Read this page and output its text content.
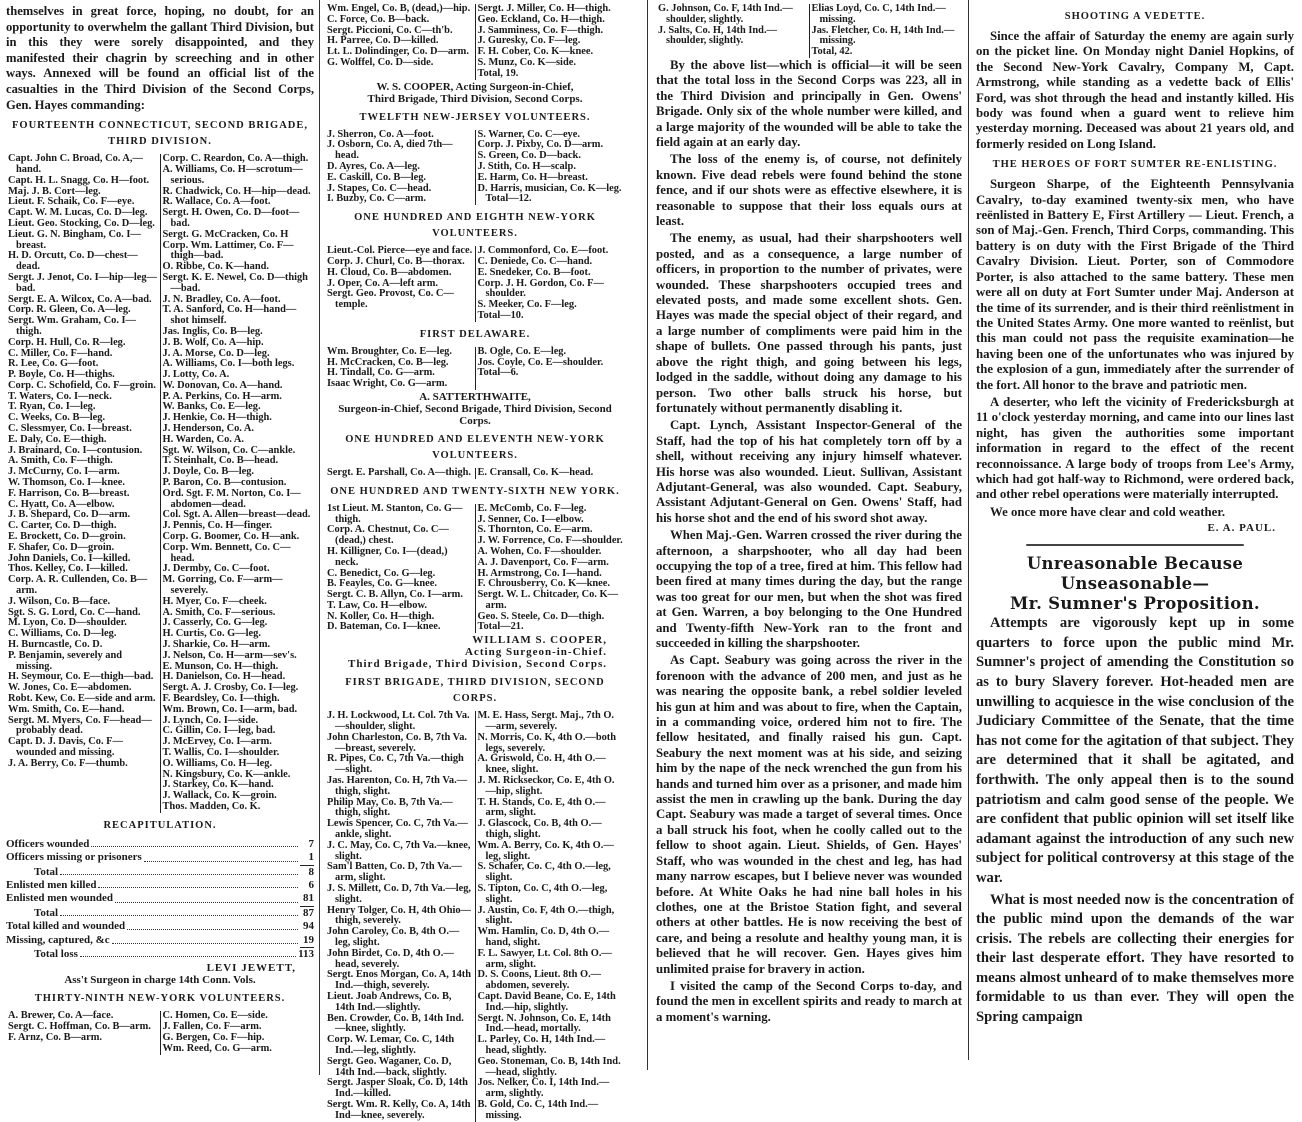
themselves in great force, hoping, no doubt, for an opportunity to overwhelm the gallant Third Division, but in this they were sorely disappointed, and they manifested their chagrin by screeching and in other ways. Annexed will be found an official list of the casualties in the Third Division of the Second Corps, Gen. Hayes commanding:

FOURTEENTH CONNECTICUT, SECOND BRIGADE, THIRD DIVISION.
Capt. John C. Broad, Co. A,—hand.
Capt. H. L. Snagg, Co. H—foot.
Maj. J. B. Cort—leg.
Lieut. F. Schaik, Co. F—eye.
Capt. W. M. Lucas, Co. D—leg.
Lieut. Geo. Stocking, Co. D—leg.
Lieut. G. N. Bingham, Co. I—breast.
H. D. Orcutt, Co. D—chest—dead.
Sergt. J. Jenot, Co. I—hip—leg—bad.
Sergt. E. A. Wilcox, Co. A—bad.
Corp. R. Gleen, Co. A—leg.
Sergt. Wm. Graham, Co. I—thigh.
Corp. H. Hull, Co. R—leg.
C. Miller, Co. F—hand.
R. Lee, Co. G—foot.
P. Boyle, Co. H—thighs.
Corp. C. Schofield, Co. F—groin.
T. Waters, Co. I—neck.
T. Ryan, Co. I—leg.
C. Weeks, Co. B—leg.
C. Slessmyer, Co. I—breast.
E. Daly, Co. E—thigh.
J. Brainard, Co. I—contusion.
A. Smith, Co. F—thigh.
J. McCurny, Co. I—arm.
W. Thomson, Co. I—knee.
F. Harrison, Co. B—breast.
C. Hyatt, Co. A—elbow.
J. B. Shepard, Co. D—arm.
C. Carter, Co. D—thigh.
E. Brockett, Co. D—groin.
F. Shafer, Co. D—groin.
John Daniels, Co. I—killed.
Thos. Kelley, Co. I—killed.
Corp. A. R. Cullenden, Co. B—arm.
J. Wilson, Co. B—face.
Sgt. S. G. Lord, Co. C—hand.
M. Lyon, Co. D—shoulder.
C. Williams, Co. D—leg.
H. Burncastle, Co. D.
P. Benjamin, severely and missing.
H. Seymour, Co. E—thigh—bad.
W. Jones, Co. E—abdomen.
Robt. Kew, Co. E—side and arm.
Wm. Smith, Co. E—hand.
Sergt. M. Myers, Co. F—head—probably dead.
Capt. D. J. Davis, Co. F—wounded and missing.
J. A. Berry, Co. F—thumb.
Corp. C. Reardon, Co. A—thigh.
A. Williams, Co. H—scrotum—serious.
R. Chadwick, Co. H—hip—dead.
R. Wallace, Co. A—foot.
Sergt. H. Owen, Co. D—foot—bad.
Sergt. G. McCracken, Co. H
Corp. Wm. Lattimer, Co. F—thigh—bad.
O. Ribbe, Co. K—hand.
Sergt. K. E. Newel, Co. D—thigh—bad.
J. N. Bradley, Co. A—foot.
T. A. Sanford, Co. H—hand—shot himself.
Jas. Inglis, Co. B—leg.
J. B. Wolf, Co. A—hip.
J. A. Morse, Co. D—leg.
A. Williams, Co. I—both legs.
J. Lotty, Co. A.
W. Donovan, Co. A—hand.
P. A. Perkins, Co. H—arm.
W. Banks, Co. E—leg.
J. Henkie, Co. H—thigh.
J. Henderson, Co. A.
H. Warden, Co. A.
Sgt. W. Wilson, Co. C—ankle.
T. Steinhalt, Co. B—head.
J. Doyle, Co. B—leg.
P. Baron, Co. B—contusion.
Ord. Sgt. F. M. Norton, Co. I—abdomen—dead.
Col. Sgt. A. Allen—breast—dead.
J. Pennis, Co. H—finger.
Corp. G. Boomer, Co. H—ank.
Corp. Wm. Bennett, Co. C—head.
J. Dermby, Co. C—foot.
M. Gorring, Co. F—arm—severely.
H. Myer, Co. F—cheek.
A. Smith, Co. F—serious.
J. Casserly, Co. G—leg.
H. Curtis, Co. G—leg.
J. Sharkie, Co. H—arm.
J. Nelson, Co. H—arm—sev's.
E. Munson, Co. H—thigh.
H. Danielson, Co. H—head.
Sergt. A. J. Crosby, Co. I—leg.
F. Beardsley, Co. I—thigh.
Wm. Brown, Co. I—arm, bad.
J. Lynch, Co. I—side.
C. Gillin, Co. I—leg, bad.
J. McErvey, Co. I—arm.
T. Wallis, Co. I—shoulder.
O. Williams, Co. H—leg.
N. Kingsbury, Co. K—ankle.
J. Starkey, Co. K—hand.
J. Wallack, Co. K—groin.
Thos. Madden, Co. K.
RECAPITULATION.
Officers wounded	7
Officers missing or prisoners	1
Total	8
Enlisted men killed	6
Enlisted men wounded	81
Total	87
Total killed and wounded	94
Missing, captured, &c	19
Total loss	113
LEVI JEWETT,
Ass't Surgeon in charge 14th Conn. Vols.
THIRTY-NINTH NEW-YORK VOLUNTEERS.
A. Brewer, Co. A—face.
Sergt. C. Hoffman, Co. B—arm.
F. Arnz, Co. B—arm.
C. Homen, Co. E—side.
J. Fallen, Co. F—arm.
G. Bergen, Co. F—hip.
Wm. Reed, Co. G—arm.
Wm. Engel, Co. B, (dead,)—hip.
C. Force, Co. B—back.
Sergt. Piccioni, Co. C—th'b.
H. Parree, Co. D—killed.
Lt. L. Dolindinger, Co. D—arm.
G. Wolffel, Co. D—side.
Sergt. J. Miller, Co. H—thigh.
Geo. Eckland, Co. H—thigh.
J. Samminess, Co. F—thigh.
J. Guresky, Co. F—leg.
F. H. Cober, Co. K—knee.
S. Munz, Co. K—side.
Total, 19.
W. S. COOPER, Acting Surgeon-in-Chief,
Third Brigade, Third Division, Second Corps.
TWELFTH NEW-JERSEY VOLUNTEERS.
J. Sherron, Co. A—foot.
J. Osborn, Co. A, died 7th—head.
D. Ayres, Co. A—leg.
E. Caskill, Co. B—leg.
J. Stapes, Co. C—head.
I. Buzby, Co. C—arm.
S. Warner, Co. C—eye.
Corp. J. Pixby, Co. D—arm.
S. Green, Co. D—back.
J. Stith, Co. H—scalp.
E. Harm, Co. H—breast.
D. Harris, musician, Co. K—leg. Total—12.
ONE HUNDRED AND EIGHTH NEW-YORK VOLUNTEERS.
Lieut.-Col. Pierce—eye and face.
Corp. J. Churl, Co. B—thorax.
H. Cloud, Co. B—abdomen.
J. Oper, Co. A—left arm.
Sergt. Geo. Provost, Co. C—temple.
J. Commonford, Co. E—foot.
C. Deniede, Co. C—hand.
E. Snedeker, Co. B—foot.
Corp. J. H. Gordon, Co. F—shoulder.
S. Meeker, Co. F—leg.
Total—10.
FIRST DELAWARE.
Wm. Broughter, Co. E—leg.
H. McCracken, Co. B—leg.
H. Tindall, Co. G—arm.
Isaac Wright, Co. G—arm.
B. Ogle, Co. E—leg.
Jos. Coyle, Co. E—shoulder.
Total—6.
A. SATTERTHWAITE,
Surgeon-in-Chief, Second Brigade, Third Division, Second Corps.
ONE HUNDRED AND ELEVENTH NEW-YORK VOLUNTEERS.
Sergt. E. Parshall, Co. A—thigh. E. Cransall, Co. K—head.
ONE HUNDRED AND TWENTY-SIXTH NEW YORK.
1st Lieut. M. Stanton, Co. G—thigh.
Corp. A. Chestnut, Co. C—(dead,) chest.
H. Killigner, Co. I—(dead,) neck.
C. Benedict, Co. G—leg.
B. Feayles, Co. G—knee.
Sergt. C. B. Allyn, Co. I—arm.
T. Law, Co. H—elbow.
N. Koller, Co. H—thigh.
D. Bateman, Co. I—knee.
E. McComb, Co. F—leg.
J. Senner, Co. I—elbow.
S. Thornton, Co. E—arm.
J. W. Forrence, Co. F—shoulder.
A. Wohen, Co. F—shoulder.
A. J. Davenport, Co. F—arm.
H. Armstrong, Co. I—hand.
F. Chrousberry, Co. K—knee.
Sergt. W. L. Chitcader, Co. K—arm.
Geo. S. Steele, Co. D—thigh.
Total—21.
WILLIAM S. COOPER,
Acting Surgeon-in-Chief.
Third Brigade, Third Division, Second Corps.
FIRST BRIGADE, THIRD DIVISION, SECOND CORPS.
J. H. Lockwood, Lt. Col. 7th Va.—shoulder, slight.
John Charleston, Co. B, 7th Va.—breast, severely.
R. Pipes, Co. C, 7th Va.—thigh—slight.
Jas. Harenton, Co. H, 7th Va.—thigh, slight.
Philip May, Co. B, 7th Va.—thigh, slight.
Lewis Spencer, Co. C, 7th Va.—ankle, slight.
J. C. May, Co. C, 7th Va.—knee, slight.
Sam'l Batten, Co. D, 7th Va.—arm, slight.
J. S. Millett, Co. D, 7th Va.—leg, slight.
Henry Tolger, Co. H, 4th Ohio—thigh, severely.
John Caroley, Co. B, 4th O.—leg, slight.
John Birdet, Co. D, 4th O.—head, severely.
Sergt. Enos Morgan, Co. A, 14th Ind.—thigh, severely.
Lieut. Joab Andrews, Co. B, 14th Ind.—slightly.
Ben. Crowder, Co. B, 14th Ind.—knee, slightly.
Corp. W. Lemar, Co. C, 14th Ind.—leg, slightly.
Sergt. Geo. Waganer, Co. D, 14th Ind.—back, slightly.
Sergt. Jasper Sloak, Co. D, 14th Ind.—killed.
Sergt. Wm. R. Kelly, Co. A, 14th Ind—knee, severely.
M. E. Hass, Sergt. Maj., 7th O.—arm, severely.
N. Morris, Co. K, 4th O.—both legs, severely.
A. Griswold, Co. H, 4th O.—knee, slight.
J. M. Rickseckor, Co. E, 4th O.—hip, slight.
T. H. Stands, Co. E, 4th O.—arm, slight.
J. Glascock, Co. B, 4th O.—thigh, slight.
Wm. A. Berry, Co. K, 4th O.—leg, slight.
S. Schafer, Co. C, 4th O.—leg, slight.
S. Tipton, Co. C, 4th O.—leg, slight.
J. Austin, Co. F, 4th O.—thigh, slight.
Wm. Hamlin, Co. D, 4th O.—hand, slight.
F. L. Sawyer, Lt. Col. 8th O.—arm, slight.
D. S. Coons, Lieut. 8th O.—abdomen, severely.
Capt. David Beane, Co. E, 14th Ind.—hip, slightly.
Sergt. N. Johnson, Co. E, 14th Ind.—head, mortally.
L. Parley, Co. H, 14th Ind.—head, slightly.
Geo. Stoneman, Co. B, 14th Ind.—head, slightly.
Jos. Nelker, Co. I, 14th Ind.—arm, slightly.
B. Gold, Co. C, 14th Ind.—missing.
G. Johnson, Co. F, 14th Ind.—shoulder, slightly.
J. Salts, Co. H, 14th Ind.—shoulder, slightly.
Elias Loyd, Co. C, 14th Ind.—missing.
Jas. Fletcher, Co. H, 14th Ind.—missing.
Total, 42.

By the above list—which is official—it will be seen that the total loss in the Second Corps was 223, all in the Third Division and principally in Gen. Owens' Brigade. Only six of the whole number were killed, and a large majority of the wounded will be able to take the field again at an early day.

The loss of the enemy is, of course, not definitely known. Five dead rebels were found behind the stone fence, and if our shots were as effective elsewhere, it is reasonable to suppose that their loss equals ours at least.

The enemy, as usual, had their sharpshooters well posted, and as a consequence, a large number of officers, in proportion to the number of privates, were wounded. These sharpshooters occupied trees and elevated posts, and made some excellent shots. Gen. Hayes was made the special object of their regard, and a large number of compliments were paid him in the shape of bullets. One passed through his pants, just above the right thigh, and going between his legs, lodged in the saddle, without doing any damage to his person. Two other balls struck his horse, but fortunately without permanently disabling it.

Capt. Lynch, Assistant Inspector-General of the Staff, had the top of his hat completely torn off by a shell, without receiving any injury himself whatever. His horse was also wounded. Lieut. Sullivan, Assistant Adjutant-General, was also wounded. Capt. Seabury, Assistant Adjutant-General on Gen. Owens' Staff, had his horse shot and the end of his sword shot away.

When Maj.-Gen. Warren crossed the river during the afternoon, a sharpshooter, who all day had been occupying the top of a tree, fired at him. This fellow had been fired at many times during the day, but the range was too great for our men, but when the shot was fired at Gen. Warren, a boy belonging to the One Hundred and Twenty-fifth New-York ran to the front and succeeded in killing the sharpshooter.

As Capt. Seabury was going across the river in the forenoon with the advance of 200 men, and just as he was nearing the opposite bank, a rebel soldier leveled his gun at him and was about to fire, when the Captain, in a commanding voice, ordered him not to fire. The fellow hesitated, and finally raised his gun. Capt. Seabury the next moment was at his side, and seizing him by the nape of the neck wrenched the gun from his hands and turned him over as a prisoner, and made him assist the men in crawling up the bank. During the day Capt. Seabury was made a target of several times. Once a ball struck his foot, when he coolly called out to the fellow to shoot again. Lieut. Shields, of Gen. Hayes' Staff, who was wounded in the chest and leg, has had many narrow escapes, but I believe never was wounded before. At White Oaks he had nine ball holes in his clothes, one at the Bristoe Station fight, and several others at other battles. He is now receiving the best of care, and being a resolute and healthy young man, it is believed that he will recover. Gen. Hayes gives him unlimited praise for bravery in action.

I visited the camp of the Second Corps to-day, and found the men in excellent spirits and ready to march at a moment's warning.

SHOOTING A VEDETTE.

Since the affair of Saturday the enemy are again surly on the picket line. On Monday night Daniel Hopkins, of the Second New-York Cavalry, Company M, Capt. Armstrong, while standing as a vedette back of Ellis' Ford, was shot through the head and instantly killed. His body was found when a guard went to relieve him yesterday morning. Deceased was about 21 years old, and formerly resided on Long Island.

THE HEROES OF FORT SUMTER RE-ENLISTING.

Surgeon Sharpe, of the Eighteenth Pennsylvania Cavalry, to-day examined twenty-six men, who have reënlisted in Battery E, First Artillery — Lieut. French, a son of Maj.-Gen. French, Third Corps, commanding. This battery is on duty with the First Brigade of the Third Cavalry Division. Lieut. Porter, son of Commodore Porter, is also attached to the same battery. These men were all on duty at Fort Sumter under Maj. Anderson at the time of its surrender, and is their third reënlistment in the United States Army. One more wanted to reënlist, but this man could not pass the requisite examination—he having been one of the unfortunates who was injured by the explosion of a gun, immediately after the surrender of the fort. All honor to the brave and patriotic men.

A deserter, who left the vicinity of Fredericksburgh at 11 o'clock yesterday morning, and came into our lines last night, has given the authorities some important information in regard to the effect of the recent reconnoissance. A large body of troops from Lee's Army, which had got half-way to Richmond, were ordered back, and other rebel operations were materially interrupted.

We once more have clear and cold weather.

E. A. PAUL.
Unreasonable Because Unseasonable—
Mr. Sumner's Proposition.

Attempts are vigorously kept up in some quarters to force upon the public mind Mr. Sumner's project of amending the Constitution so as to bury Slavery forever. Hot-headed men are unwilling to acquiesce in the wise conclusion of the Judiciary Committee of the Senate, that the time has not come for the agitation of that subject. They are determined that it shall be agitated, and forthwith. The only appeal then is to the sound patriotism and calm good sense of the people. We are confident that public opinion will set itself like adamant against the introduction of any such new subject for political controversy at this stage of the war.

What is most needed now is the concentration of the public mind upon the demands of the war crisis. The rebels are collecting their energies for their last desperate effort. They have resorted to means almost unheard of to make themselves more formidable to us than ever. They will open the Spring campaign
